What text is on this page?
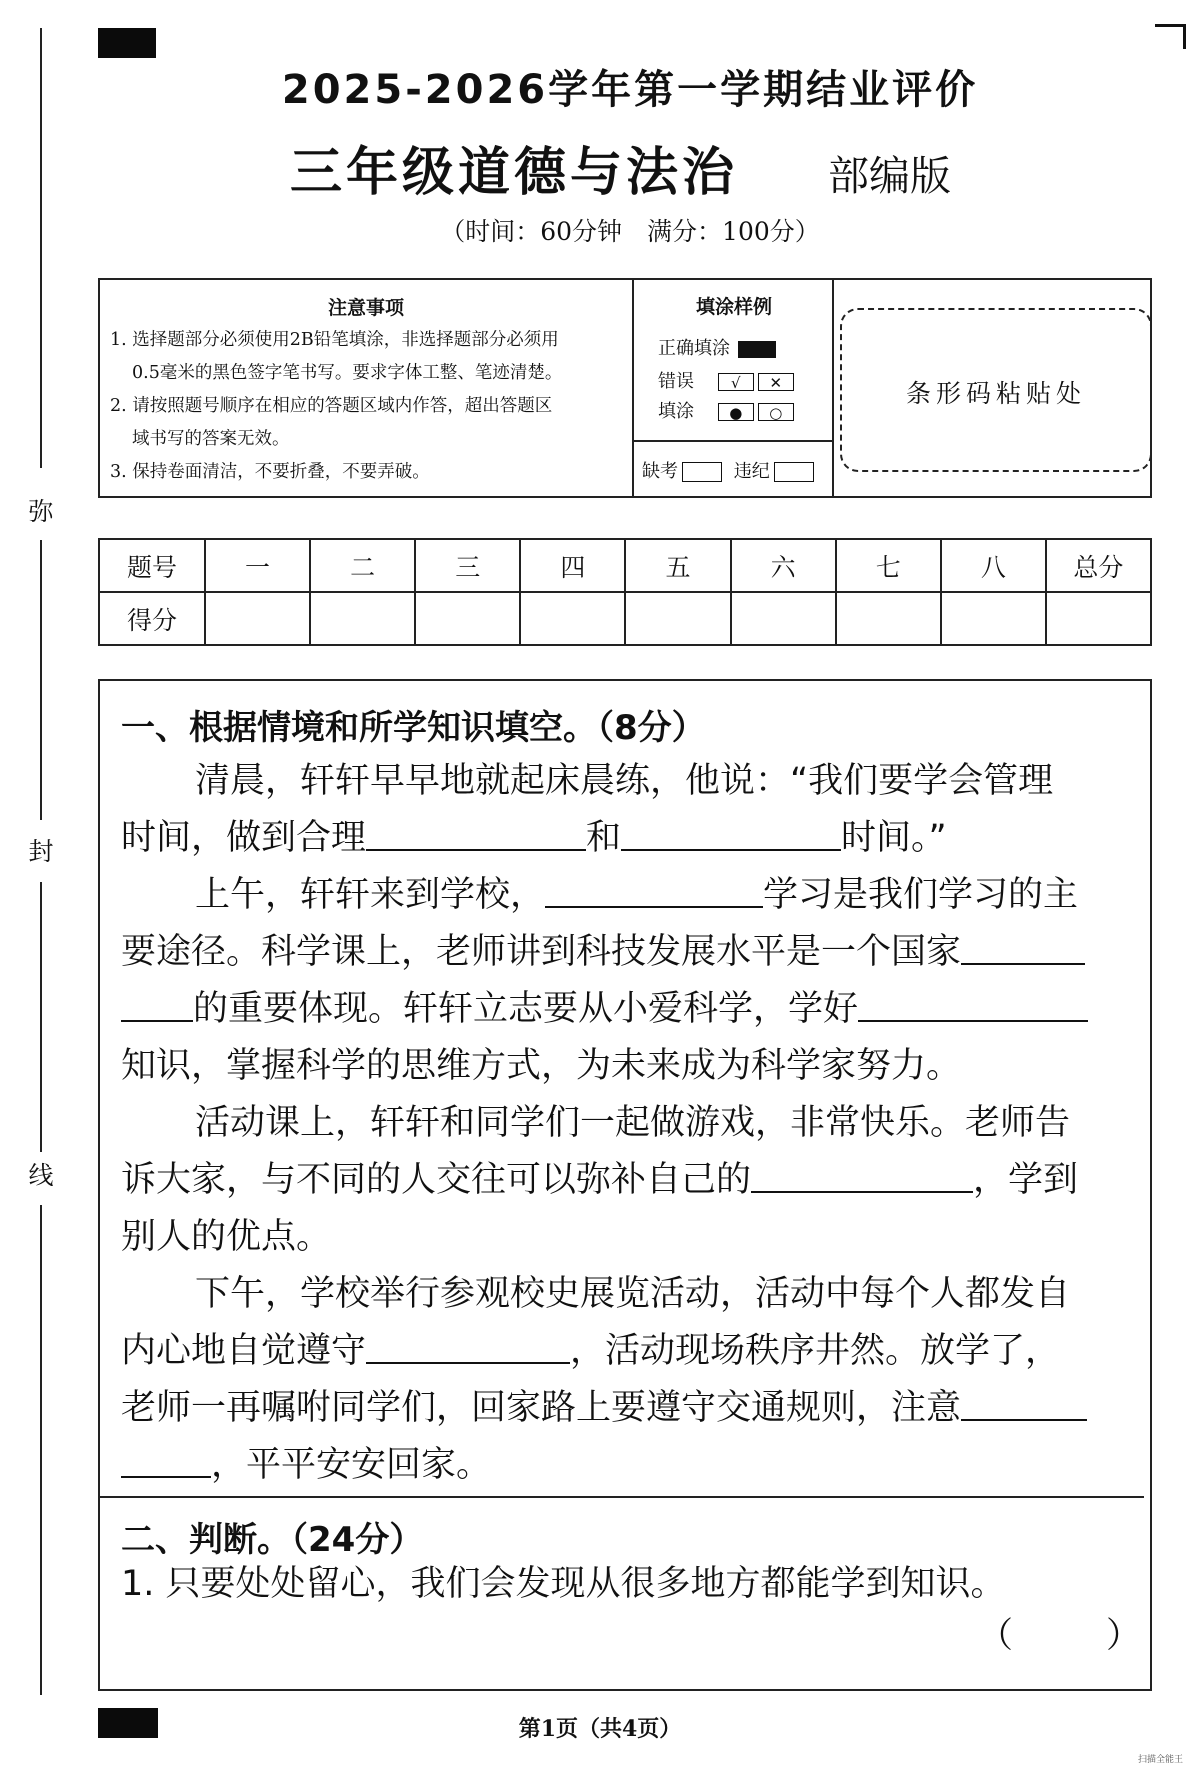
弥
封
线
2025-2026学年第一学期结业评价
三年级道德与法治 部编版
（时间：60分钟　满分：100分）
注意事项
1. 选择题部分必须使用2B铅笔填涂，非选择题部分必须用
0.5毫米的黑色签字笔书写。要求字体工整、笔迹清楚。
2. 请按照题号顺序在相应的答题区域内作答，超出答题区
域书写的答案无效。
3. 保持卷面清洁，不要折叠，不要弄破。
填涂样例
正确填涂
错误 √ ✕
填涂 ● ○
缺考	违纪
条形码粘贴处
题号	一	二	三	四	五	六	七	八	总分
得分									
一、根据情境和所学知识填空。（8分）
清晨，轩轩早早地就起床晨练，他说：“我们要学会管理
时间，做到合理	和	时间。”
上午，轩轩来到学校，	学习是我们学习的主
要途径。科学课上，老师讲到科技发展水平是一个国家
的重要体现。轩轩立志要从小爱科学，学好
知识，掌握科学的思维方式，为未来成为科学家努力。
活动课上，轩轩和同学们一起做游戏，非常快乐。老师告
诉大家，与不同的人交往可以弥补自己的	，学到
别人的优点。
下午，学校举行参观校史展览活动，活动中每个人都发自
内心地自觉遵守	，活动现场秩序井然。放学了，
老师一再嘱咐同学们，回家路上要遵守交通规则，注意
，平平安安回家。
二、判断。（24分）
1. 只要处处留心，我们会发现从很多地方都能学到知识。
（	）
第1页（共4页）
扫描全能王
